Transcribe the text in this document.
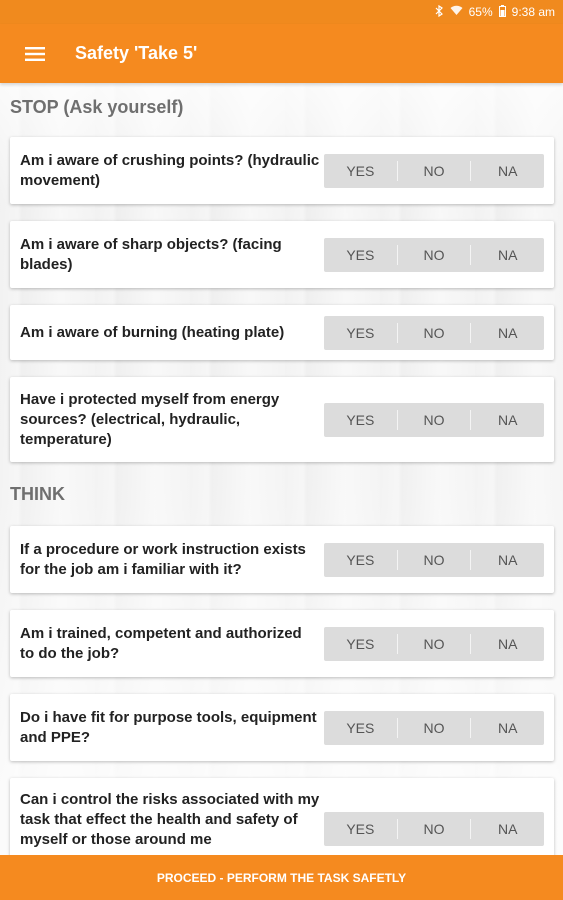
65% 9:38 am
Safety 'Take 5'
STOP (Ask yourself)
Am i aware of crushing points? (hydraulic movement)
YES	NO	NA
Am i aware of sharp objects? (facing blades)
YES	NO	NA
Am i aware of burning (heating plate)	YES	NO	NA
Have i protected myself from energy sources? (electrical, hydraulic, temperature)
YES	NO	NA
THINK
If a procedure or work instruction exists for the job am i familiar with it?
YES	NO	NA
Am i trained, competent and authorized to do the job?
YES	NO	NA
Do i have fit for purpose tools, equipment and PPE?
YES	NO	NA
Can i control the risks associated with my task that effect the health and safety of myself or those around me
YES	NO	NA
PROCEED - PERFORM THE TASK SAFETLY
